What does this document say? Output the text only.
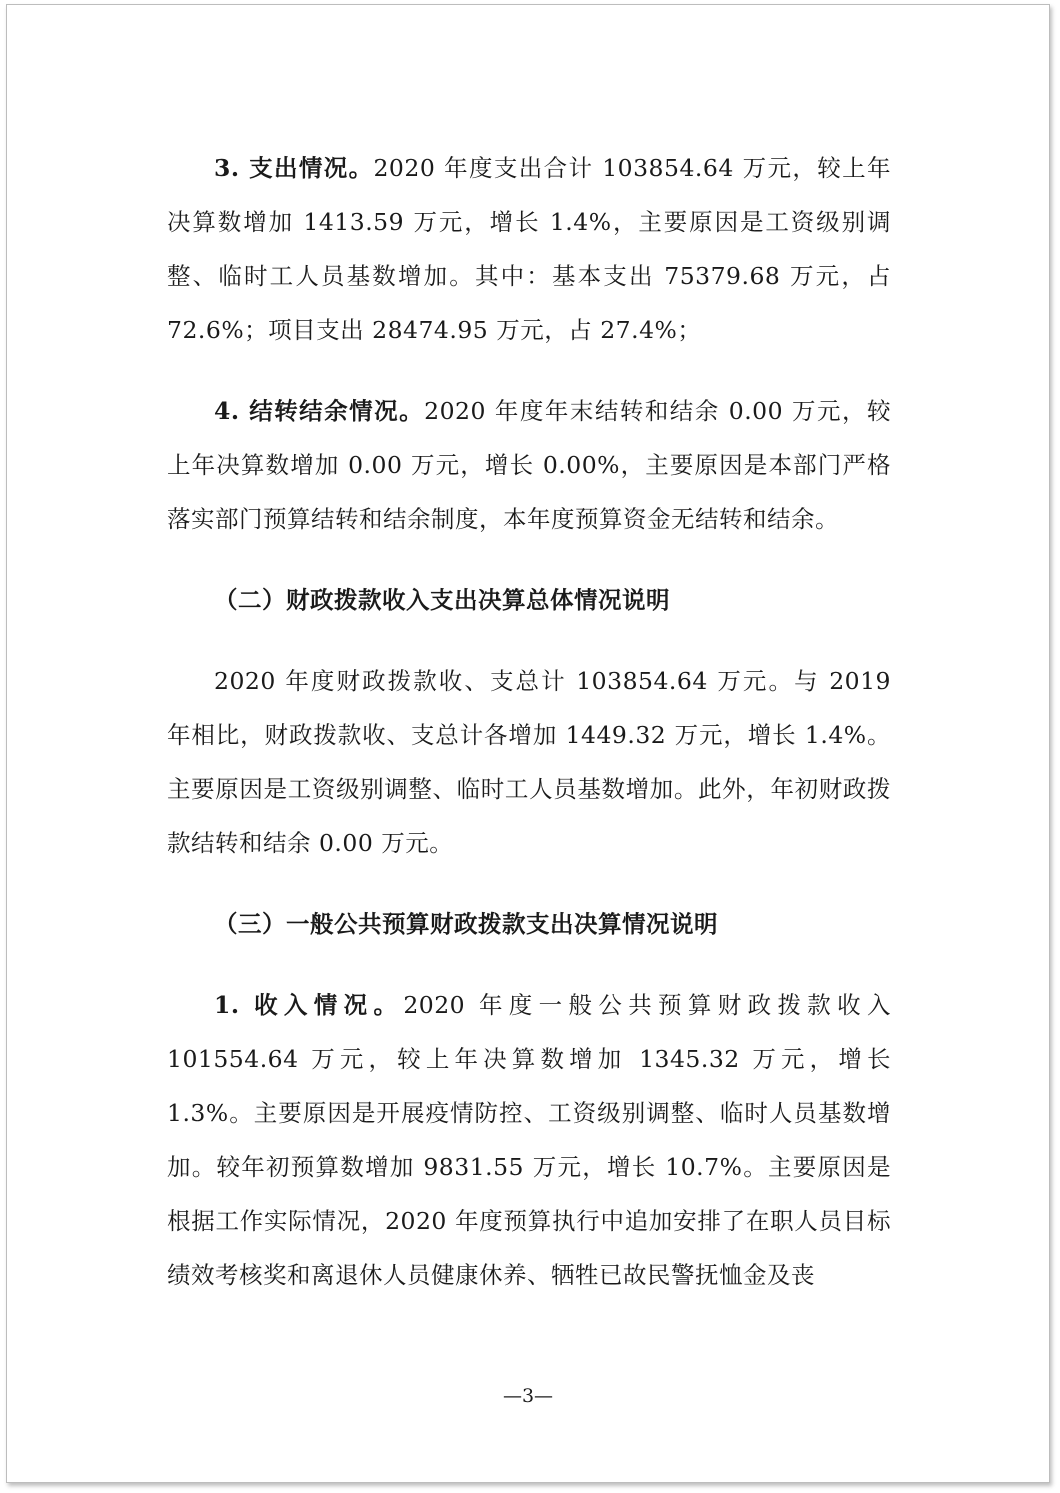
3. 支出情况。2020 年度支出合计 103854.64 万元，较上年决算数增加 1413.59 万元，增长 1.4%，主要原因是工资级别调整、临时工人员基数增加。其中：基本支出 75379.68 万元，占 72.6%；项目支出 28474.95 万元，占 27.4%；

4. 结转结余情况。2020 年度年末结转和结余 0.00 万元，较上年决算数增加 0.00 万元，增长 0.00%，主要原因是本部门严格落实部门预算结转和结余制度，本年度预算资金无结转和结余。

（二）财政拨款收入支出决算总体情况说明

2020 年度财政拨款收、支总计 103854.64 万元。与 2019 年相比，财政拨款收、支总计各增加 1449.32 万元，增长 1.4%。主要原因是工资级别调整、临时工人员基数增加。此外，年初财政拨款结转和结余 0.00 万元。

（三）一般公共预算财政拨款支出决算情况说明

1. 收入情况。2020 年度一般公共预算财政拨款收入 101554.64 万元，较上年决算数增加 1345.32 万元，增长 1.3%。主要原因是开展疫情防控、工资级别调整、临时人员基数增加。较年初预算数增加 9831.55 万元，增长 10.7%。主要原因是根据工作实际情况，2020 年度预算执行中追加安排了在职人员目标绩效考核奖和离退休人员健康休养、牺牲已故民警抚恤金及丧

—3—
